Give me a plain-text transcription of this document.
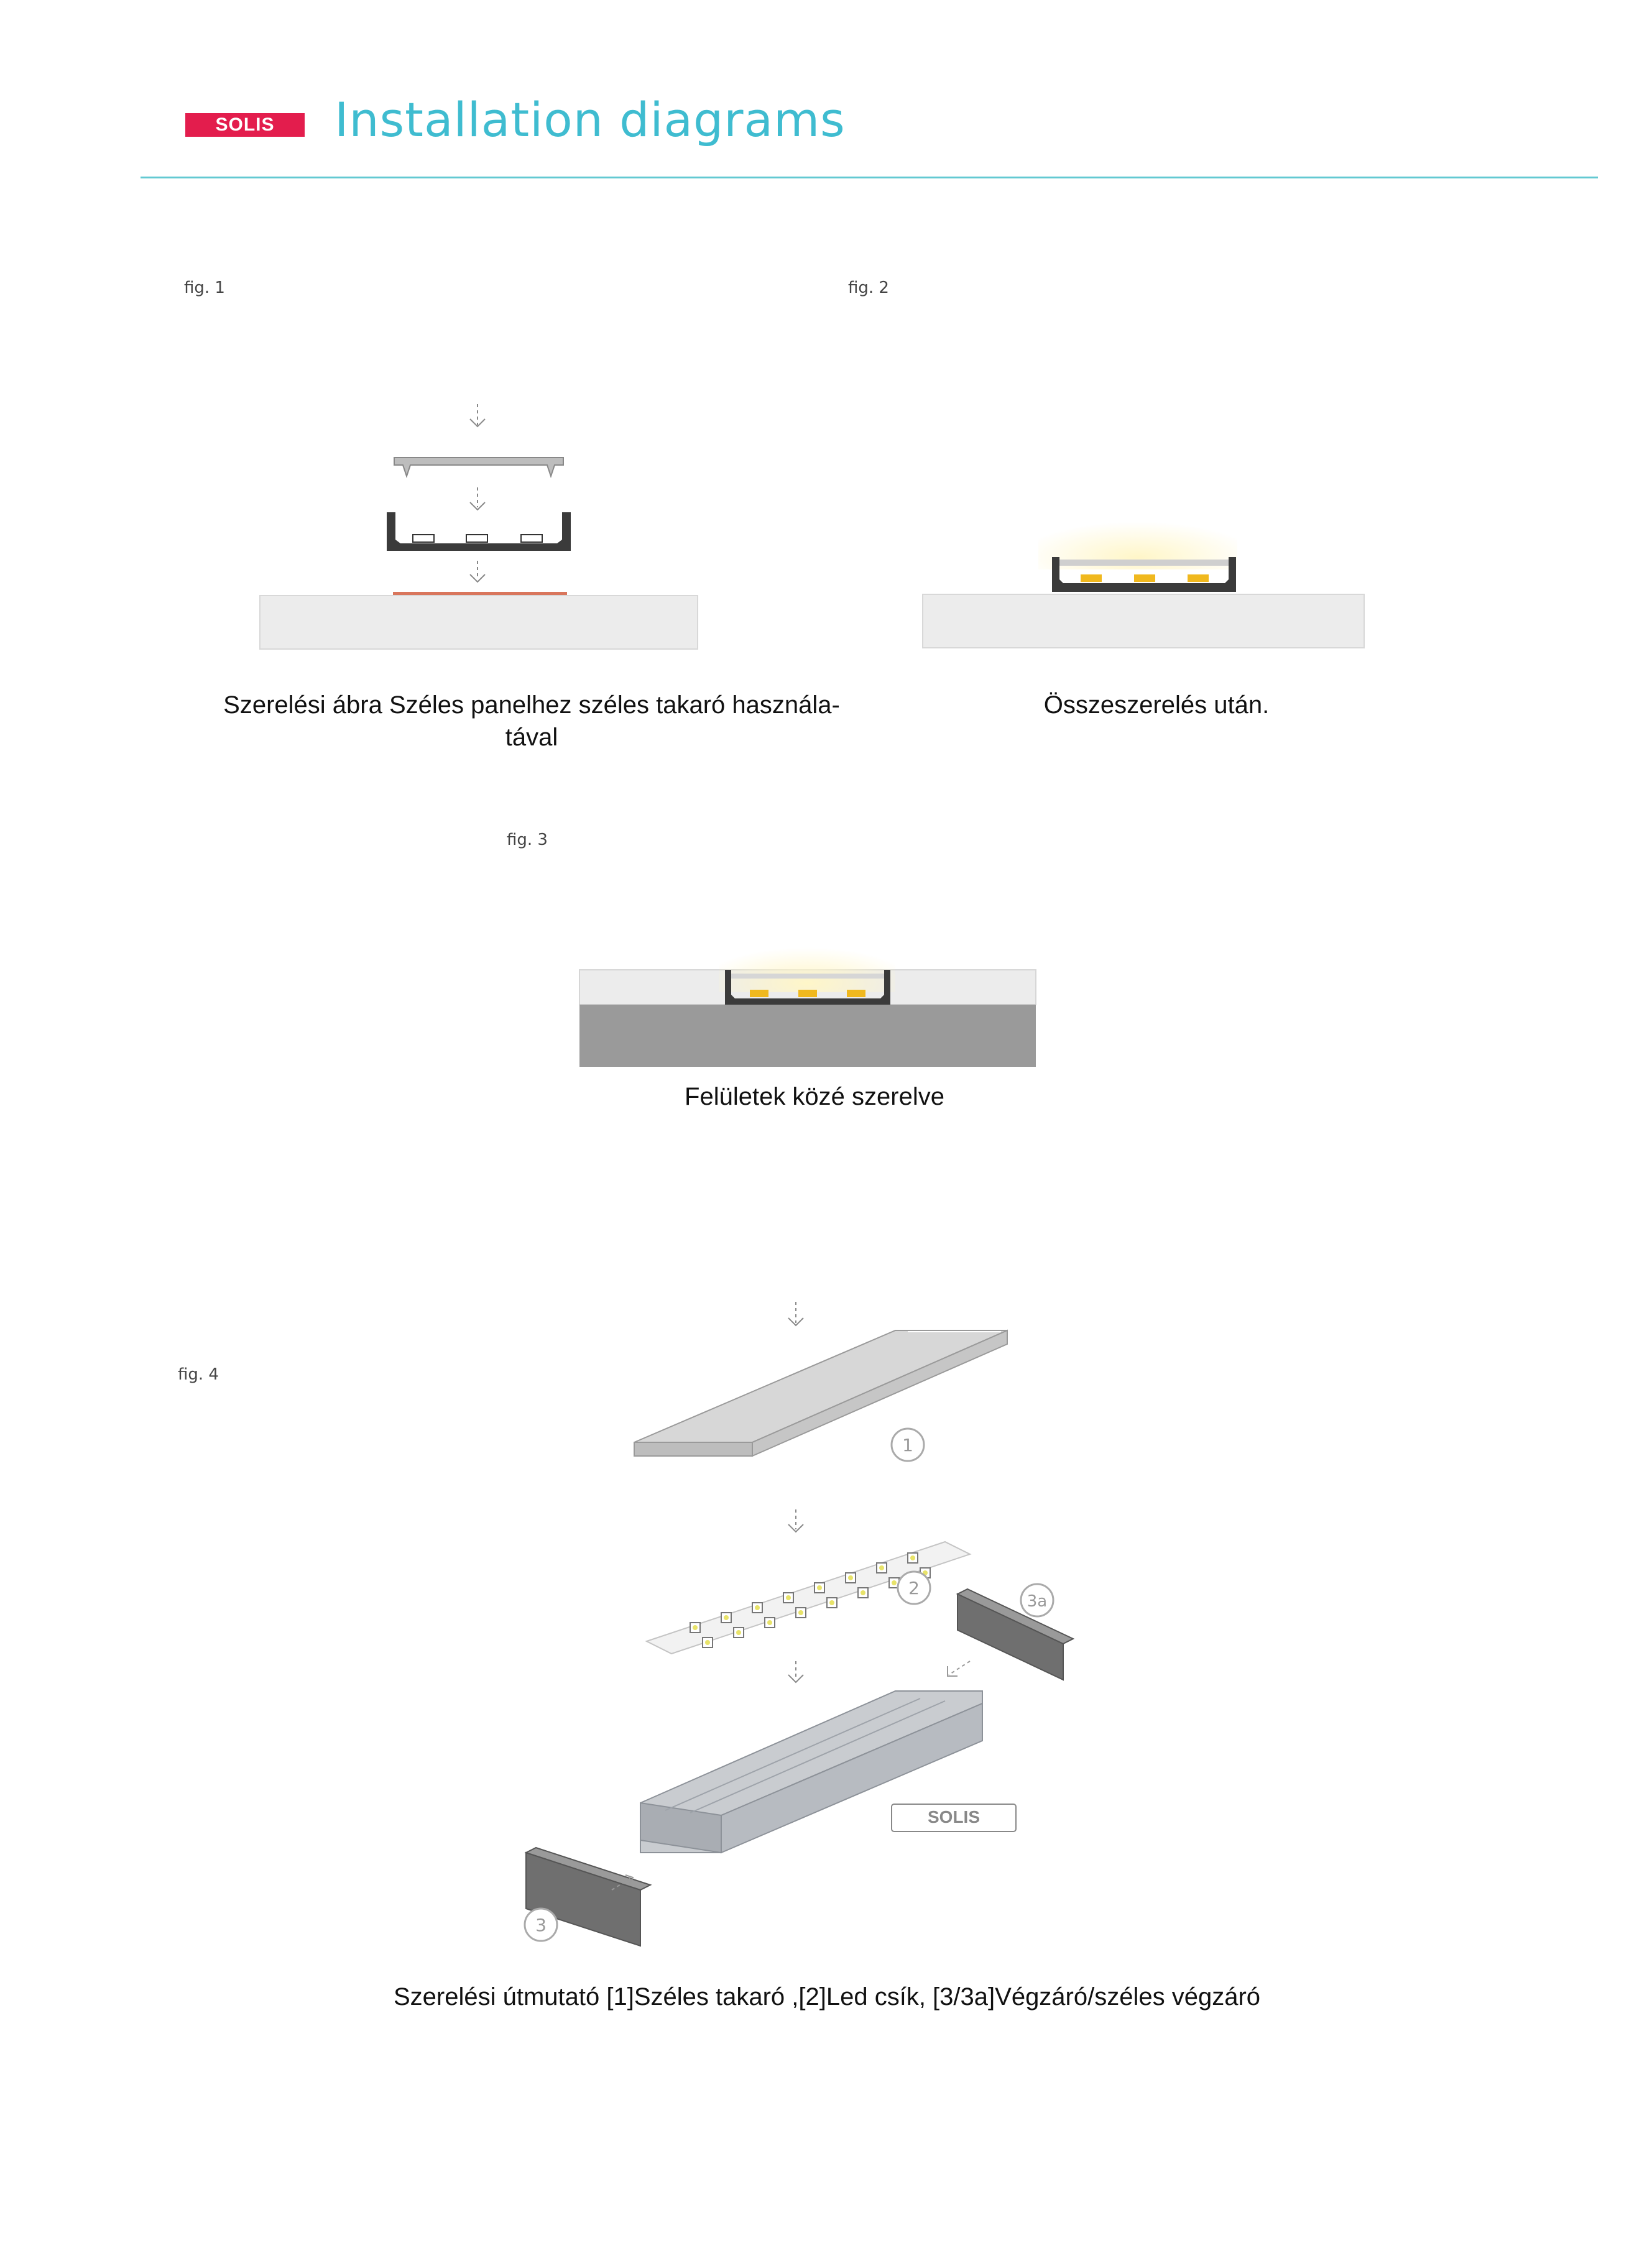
SOLIS	Installation diagrams
fig. 1
Szerelési ábra Széles panelhez széles takaró használa-
tával
fig. 2
Összeszerelés után.
fig. 3
Felületek közé szerelve
fig. 4
1
2
3a
SOLIS
3
Szerelési útmutató [1]Széles takaró ,[2]Led csík, [3/3a]Végzáró/széles végzáró
